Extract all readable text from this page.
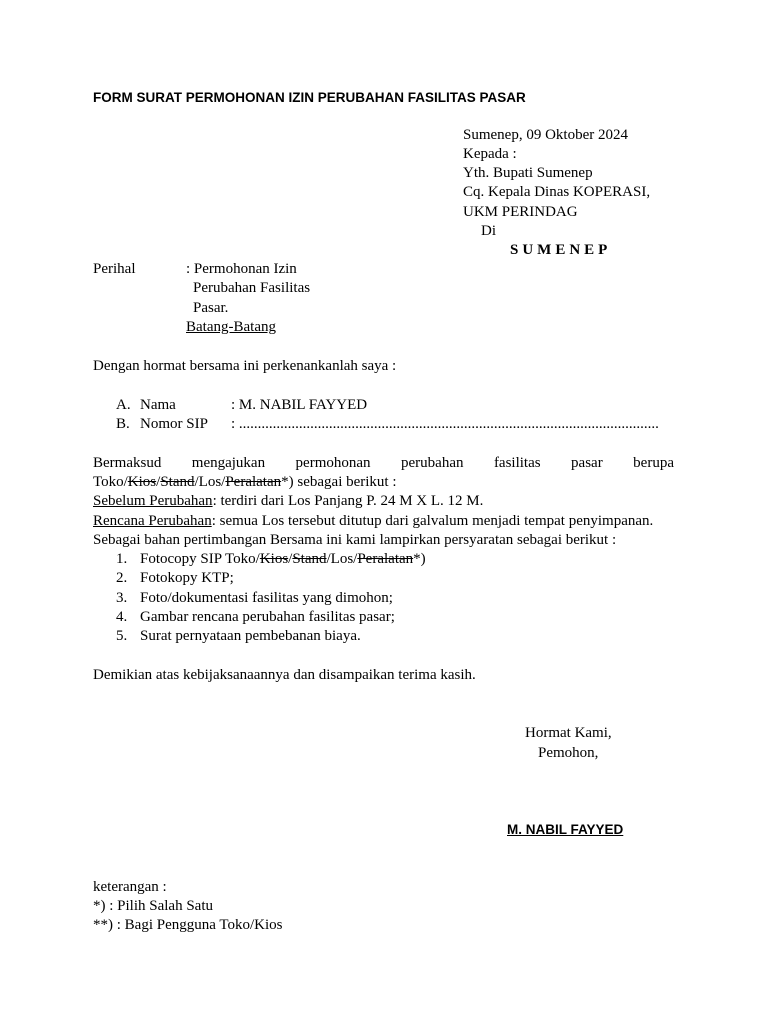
FORM SURAT PERMOHONAN IZIN PERUBAHAN FASILITAS PASAR
Sumenep, 09 Oktober 2024
Kepada :
Yth. Bupati Sumenep
Cq. Kepala Dinas KOPERASI,
UKM PERINDAG
Di
SUMENEP
Perihal	: Permohonan Izin
Perubahan Fasilitas
Pasar.
Batang-Batang
Dengan hormat bersama ini perkenankanlah saya :
A. Nama	: M. NABIL FAYYED
B. Nomor SIP : ................................................................................................................
Bermaksud mengajukan permohonan perubahan fasilitas pasar berupa
Toko/Kios/Stand/Los/Peralatan*) sebagai berikut :
Sebelum Perubahan: terdiri dari Los Panjang P. 24 M X L. 12 M.
Rencana Perubahan: semua Los tersebut ditutup dari galvalum menjadi tempat penyimpanan.
Sebagai bahan pertimbangan Bersama ini kami lampirkan persyaratan sebagai berikut :
1. Fotocopy SIP Toko/Kios/Stand/Los/Peralatan*)
2. Fotokopy KTP;
3. Foto/dokumentasi fasilitas yang dimohon;
4. Gambar rencana perubahan fasilitas pasar;
5. Surat pernyataan pembebanan biaya.
Demikian atas kebijaksanaannya dan disampaikan terima kasih.
Hormat Kami,
Pemohon,
M. NABIL FAYYED
keterangan :
*) : Pilih Salah Satu
**) : Bagi Pengguna Toko/Kios
